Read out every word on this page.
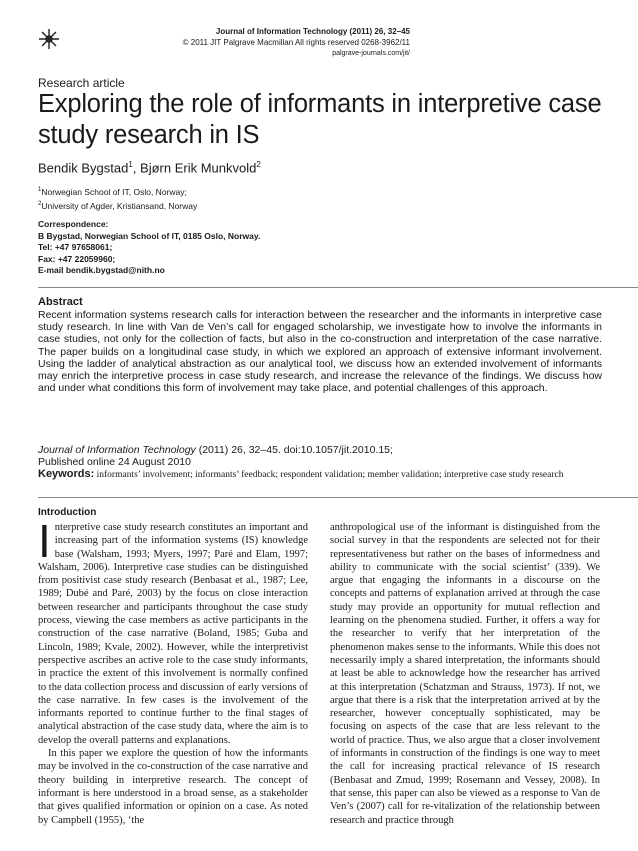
Journal of Information Technology (2011) 26, 32–45
© 2011 JIT Palgrave Macmillan All rights reserved 0268-3962/11
palgrave-journals.com/jit/
Research article
Exploring the role of informants in interpretive case study research in IS
Bendik Bygstad$^1$, Bjørn Erik Munkvold$^2$
$^1$Norwegian School of IT, Oslo, Norway;
$^2$University of Agder, Kristiansand, Norway
Correspondence:
B Bygstad, Norwegian School of IT, 0185 Oslo, Norway.
Tel: +47 97658061;
Fax: +47 22059960;
E-mail bendik.bygstad@nith.no
Abstract

Recent information systems research calls for interaction between the researcher and the informants in interpretive case study research. In line with Van de Ven’s call for engaged scholarship, we investigate how to involve the informants in case studies, not only for the collection of facts, but also in the co-construction and interpretation of the case narrative. The paper builds on a longitudinal case study, in which we explored an approach of extensive informant involvement. Using the ladder of analytical abstraction as our analytical tool, we discuss how an extended involvement of informants may enrich the interpretive process in case study research, and increase the relevance of the findings. We discuss how and under what conditions this form of involvement may take place, and potential challenges of this approach.

Journal of Information Technology (2011) 26, 32–45. doi:10.1057/jit.2010.15;
Published online 24 August 2010
Keywords: informants’ involvement; informants’ feedback; respondent validation; member validation; interpretive case study research
Introduction

Interpretive case study research constitutes an important and increasing part of the information systems (IS) knowledge base (Walsham, 1993; Myers, 1997; Paré and Elam, 1997; Walsham, 2006). Interpretive case studies can be distinguished from positivist case study research (Benbasat et al., 1987; Lee, 1989; Dubé and Paré, 2003) by the focus on close interaction between researcher and participants throughout the case study process, viewing the case members as active participants in the construction of the case narrative (Boland, 1985; Guba and Lincoln, 1989; Kvale, 2002). However, while the interpretivist perspective ascribes an active role to the case study informants, in practice the extent of this involvement is normally confined to the data collection process and discussion of early versions of the case narrative. In few cases is the involvement of the informants reported to continue further to the final stages of analytical abstraction of the case study data, where the aim is to develop the overall patterns and explanations.

In this paper we explore the question of how the informants may be involved in the co-construction of the case narrative and theory building in interpretive research. The concept of informant is here understood in a broad sense, as a stakeholder that gives qualified information or opinion on a case. As noted by Campbell (1955), ‘the

anthropological use of the informant is distinguished from the social survey in that the respondents are selected not for their representativeness but rather on the bases of informedness and ability to communicate with the social scientist’ (339). We argue that engaging the informants in a discourse on the concepts and patterns of explanation arrived at through the case study may provide an opportunity for mutual reflection and learning on the phenomena studied. Further, it offers a way for the researcher to verify that her interpretation of the phenomenon makes sense to the informants. While this does not necessarily imply a shared interpretation, the informants should at least be able to acknowledge how the researcher has arrived at this interpretation (Schatzman and Strauss, 1973). If not, we argue that there is a risk that the interpretation arrived at by the researcher, however conceptually sophisticated, may be focusing on aspects of the case that are less relevant to the world of practice. Thus, we also argue that a closer involvement of informants in construction of the findings is one way to meet the call for increasing practical relevance of IS research (Benbasat and Zmud, 1999; Rosemann and Vessey, 2008). In that sense, this paper can also be viewed as a response to Van de Ven’s (2007) call for re-vitalization of the relationship between research and practice through
